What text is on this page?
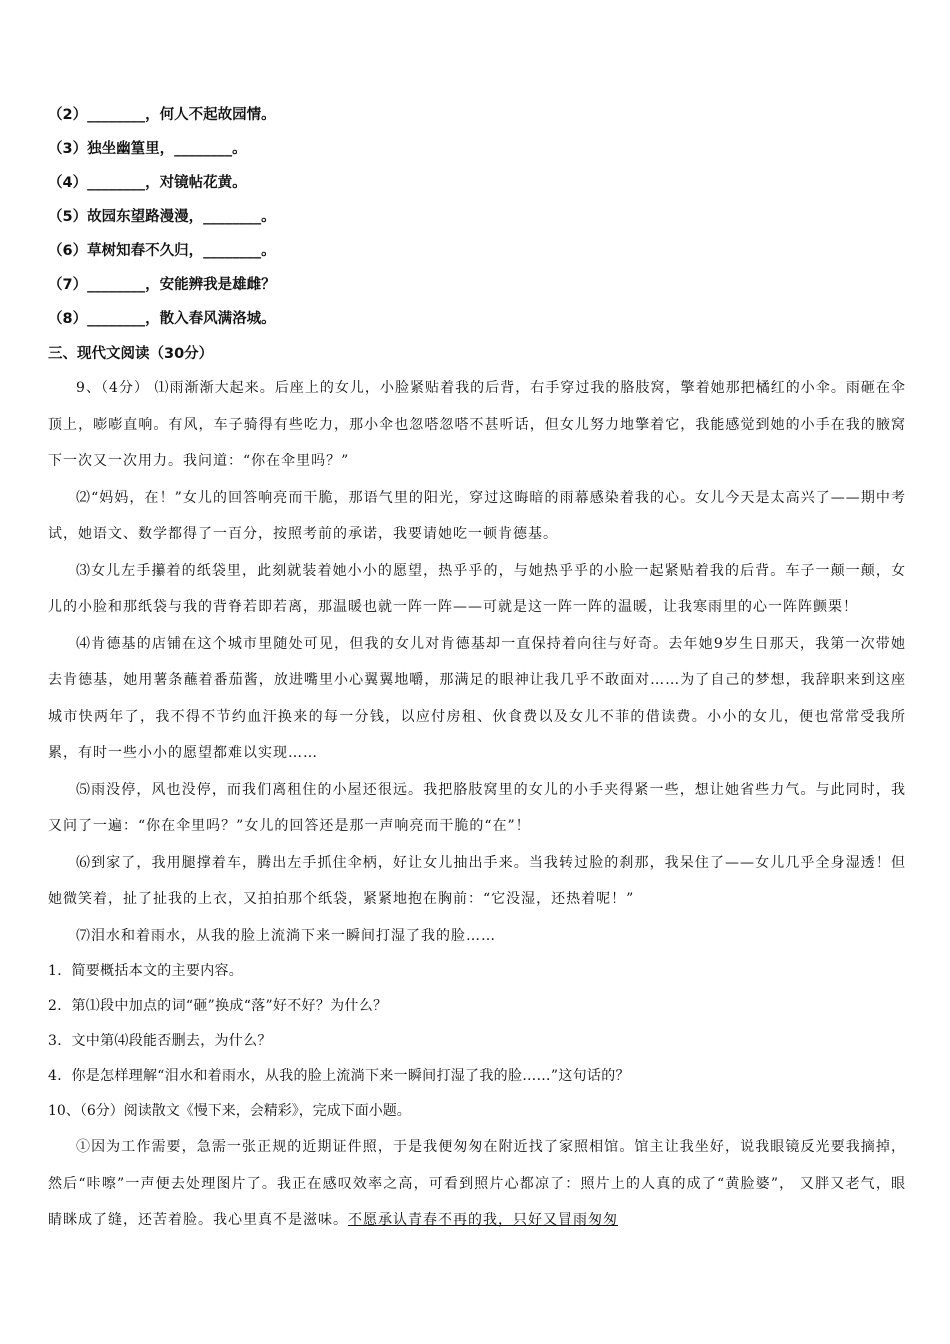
（2）________，何人不起故园情。
（3）独坐幽篁里，________。
（4）________，对镜帖花黄。
（5）故园东望路漫漫，________。
（6）草树知春不久归，________。
（7）________，安能辨我是雄雌？
（8）________，散入春风满洛城。
三、现代文阅读（30分）
9、（4分） ⑴雨渐渐大起来。后座上的女儿，小脸紧贴着我的后背，右手穿过我的胳肢窝，擎着她那把橘红的小伞。雨砸在伞顶上，嘭嘭直响。有风，车子骑得有些吃力，那小伞也忽嗒忽嗒不甚听话，但女儿努力地擎着它，我能感觉到她的小手在我的腋窝下一次又一次用力。我问道：“你在伞里吗？”
⑵“妈妈，在！”女儿的回答响亮而干脆，那语气里的阳光，穿过这晦暗的雨幕感染着我的心。女儿今天是太高兴了——期中考试，她语文、数学都得了一百分，按照考前的承诺，我要请她吃一顿肯德基。
⑶女儿左手攥着的纸袋里，此刻就装着她小小的愿望，热乎乎的，与她热乎乎的小脸一起紧贴着我的后背。车子一颠一颠，女儿的小脸和那纸袋与我的背脊若即若离，那温暖也就一阵一阵——可就是这一阵一阵的温暖，让我寒雨里的心一阵阵颤栗！
⑷肯德基的店铺在这个城市里随处可见，但我的女儿对肯德基却一直保持着向往与好奇。去年她9岁生日那天，我第一次带她去肯德基，她用薯条蘸着番茄酱，放进嘴里小心翼翼地嚼，那满足的眼神让我几乎不敢面对……为了自己的梦想，我辞职来到这座城市快两年了，我不得不节约血汗换来的每一分钱，以应付房租、伙食费以及女儿不菲的借读费。小小的女儿，便也常常受我所累，有时一些小小的愿望都难以实现……
⑸雨没停，风也没停，而我们离租住的小屋还很远。我把胳肢窝里的女儿的小手夹得紧一些，想让她省些力气。与此同时，我又问了一遍：“你在伞里吗？”女儿的回答还是那一声响亮而干脆的“在”！
⑹到家了，我用腿撑着车，腾出左手抓住伞柄，好让女儿抽出手来。当我转过脸的刹那，我呆住了——女儿几乎全身湿透！但她微笑着，扯了扯我的上衣，又拍拍那个纸袋，紧紧地抱在胸前：“它没湿，还热着呢！”
⑺泪水和着雨水，从我的脸上流淌下来一瞬间打湿了我的脸……
1．简要概括本文的主要内容。
2．第⑴段中加点的词“砸”换成“落”好不好？为什么？
3．文中第⑷段能否删去，为什么？
4．你是怎样理解“泪水和着雨水，从我的脸上流淌下来一瞬间打湿了我的脸……”这句话的？
10、（6分）阅读散文《慢下来，会精彩》，完成下面小题。
①因为工作需要，急需一张正规的近期证件照，于是我便匆匆在附近找了家照相馆。馆主让我坐好，说我眼镜反光要我摘掉，然后“咔嚓”一声便去处理图片了。我正在感叹效率之高，可看到照片心都凉了：照片上的人真的成了“黄脸婆”， 又胖又老气，眼睛眯成了缝，还苦着脸。我心里真不是滋味。不愿承认青春不再的我，只好又冒雨匆匆
